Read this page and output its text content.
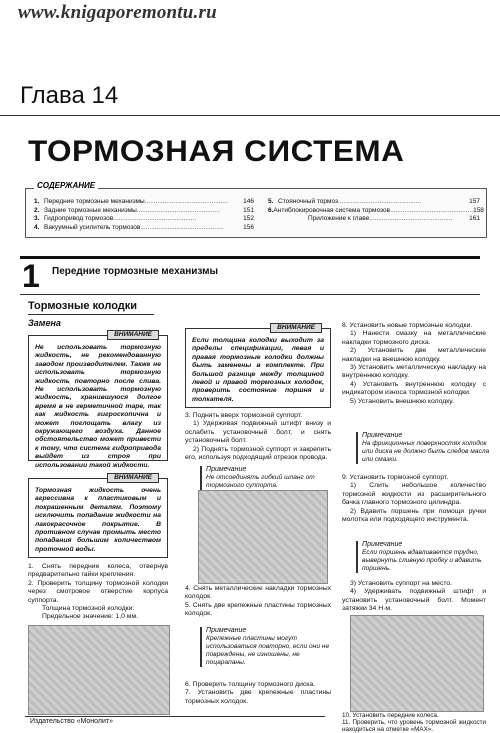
www.knigaporemontu.ru
Глава 14
ТОРМОЗНАЯ СИСТЕМА
СОДЕРЖАНИЕ
1. Передние тормозные механизмы ..............................................	146
2. Задние тормозные механизмы ..............................................	151
3. Гидропривод тормозов ..............................................	152
4. Вакуумный усилитель тормозов ..............................................	156
5. Стояночный тормоз ..............................................	157
6. Антиблокировочная система тормозов .............................................. 158
Приложение к главе ..............................................	161
1 Передние тормозные механизмы
Тормозные колодки
Замена
ВНИМАНИЕ
Не использовать тормозную жидкость, не рекомендованную заводом производителем. Также не использовать тормозную жидкость повторно после слива. Не использовать тормозную жидкость, хранившуюся долгое время в не герметичной таре, так как жидкость гигроскопична и может поглощать влагу из окружающего воздуха. Данное обстоятельство может привести к тому, что система гидропривода выйдет из строя при использовании такой жидкости.
ВНИМАНИЕ
Тормозная жидкость очень агрессивна к пластиковым и покрашенным деталям. Поэтому исключить попадание жидкости на лакокрасочное покрытие. В противном случае промыть место попадания большим количеством проточной воды.
1. Снять передние колеса, отвернув предварительно гайки крепления.
2. Проверить толщину тормозной колодки через смотровое отверстие корпуса суппорта.
Толщина тормозной колодки:
Предельное значение: 1,0 мм.
ВНИМАНИЕ
Если толщина колодки выходит за пределы спецификации, левая и правая тормозные колодки должны быть заменены в комплекте. При большой разнице между толщиной левой и правой тормозных колодок, проверить состояние поршня и толкателя.
3. Поднять вверх тормозной суппорт.
1) Удерживая подвижный штифт внизу и ослабить установочный болт, и снять установочный болт.
2) Поднять тормозной суппорт и закрепить его, используя подходящий отрезок провода.
Примечание
Не отсоединять гибкий шланг от тормозного суппорта.
4. Снять металлические накладки тормозных колодок.
5. Снять две крепежные пластины тормозных колодок.
Примечание
Крепежные пластины могут использоваться повторно, если они не повреждены, не изношены, не поцарапаны.
6. Проверить толщину тормозного диска.
7. Установить две крепежные пластины тормозных колодок.
8. Установить новые тормозные колодки.
1) Нанести смазку на металлические накладки тормозного диска.
2) Установить две металлические накладки на внешнюю колодку.
3) Установить металлическую накладку на внутреннюю колодку.
4) Установить внутреннюю колодку с индикатором износа тормозной колодки.
5) Установить внешнюю колодку.
Примечание
На фрикционных поверхностях колодок или диска не должно быть следов масла или смазки.
9. Установить тормозной суппорт.
1) Слить небольшое количество тормозной жидкости из расширительного бачка главного тормозного цилиндра.
2) Вдавить поршень при помощи ручки молотка или подходящего инструмента.
Примечание
Если поршень вдавливается трудно, вывернуть сливную пробку и вдавить поршень.
3) Установить суппорт на место.
4) Удерживать подвижный штифт и установить установочный болт. Момент затяжки 34 Н·м.
10. Установить передние колеса.
11. Проверить, что уровень тормозной жидкости находиться на отметке «MAX».
Издательство «Монолит»
